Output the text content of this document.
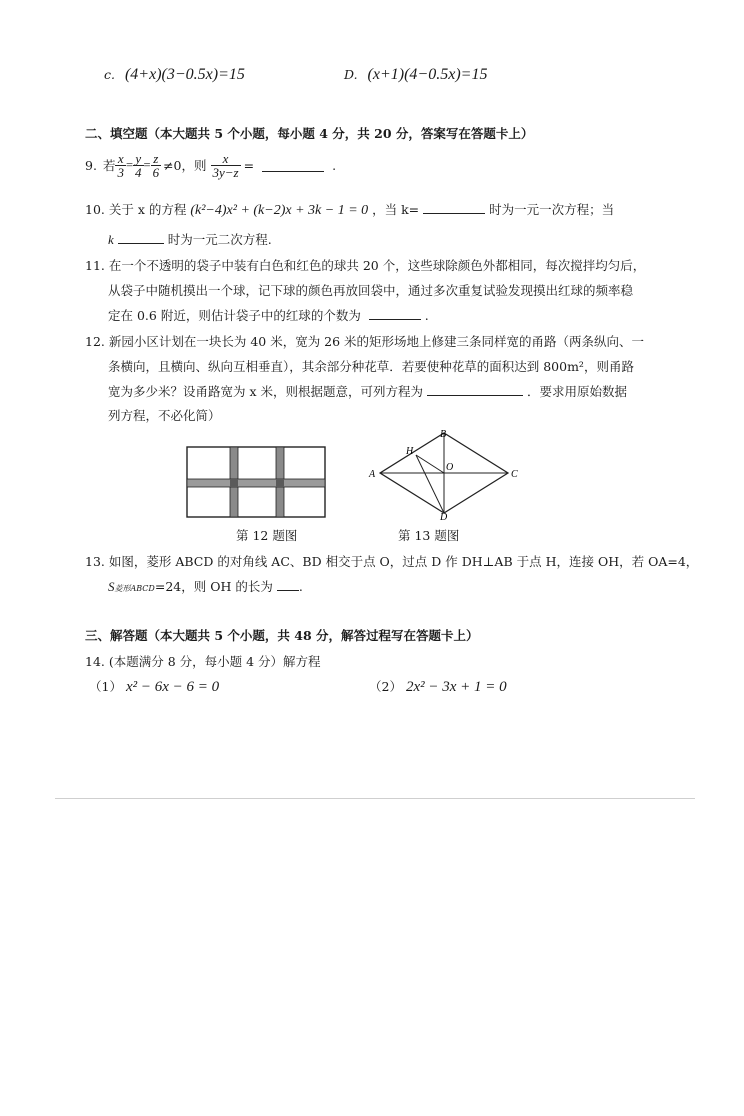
c. (4+x)(3−0.5x)=15	D. (x+1)(4−0.5x)=15
二、填空题（本大题共 5 个小题，每小题 4 分，共 20 分，答案写在答题卡上）
9. 若 $\frac{x}{3} = \frac{y}{4} = \frac{z}{6} \ne 0$，则 $\frac{x}{3y-z}$ =	.
10. 关于 x 的方程 (k²−4)x² + (k−2)x + 3k − 1 = 0 ，当 k=	时为一元一次方程；当
k	时为一元二次方程.
11. 在一个不透明的袋子中装有白色和红色的球共 20 个，这些球除颜色外都相同，每次搅拌均匀后，
从袋子中随机摸出一个球，记下球的颜色再放回袋中，通过多次重复试验发现摸出红球的频率稳
定在 0.6 附近，则估计袋子中的红球的个数为	.
12. 新园小区计划在一块长为 40 米，宽为 26 米的矩形场地上修建三条同样宽的甬路（两条纵向、一
条横向，且横向、纵向互相垂直），其余部分种花草．若要使种花草的面积达到 800m²，则甬路
宽为多少米？设甬路宽为 x 米，则根据题意，可列方程为	．要求用原始数据
列方程，不必化简）
第 12 题图
A
B
C
D
O
H
第 13 题图
13. 如图，菱形 ABCD 的对角线 AC、BD 相交于点 O，过点 D 作 DH⊥AB 于点 H，连接 OH，若 OA=4，
S菱形ABCD=24，则 OH 的长为 .
三、解答题（本大题共 5 个小题，共 48 分，解答过程写在答题卡上）
14. (本题满分 8 分，每小题 4 分）解方程
（1） x² − 6x − 6 = 0	（2） 2x² − 3x + 1 = 0
